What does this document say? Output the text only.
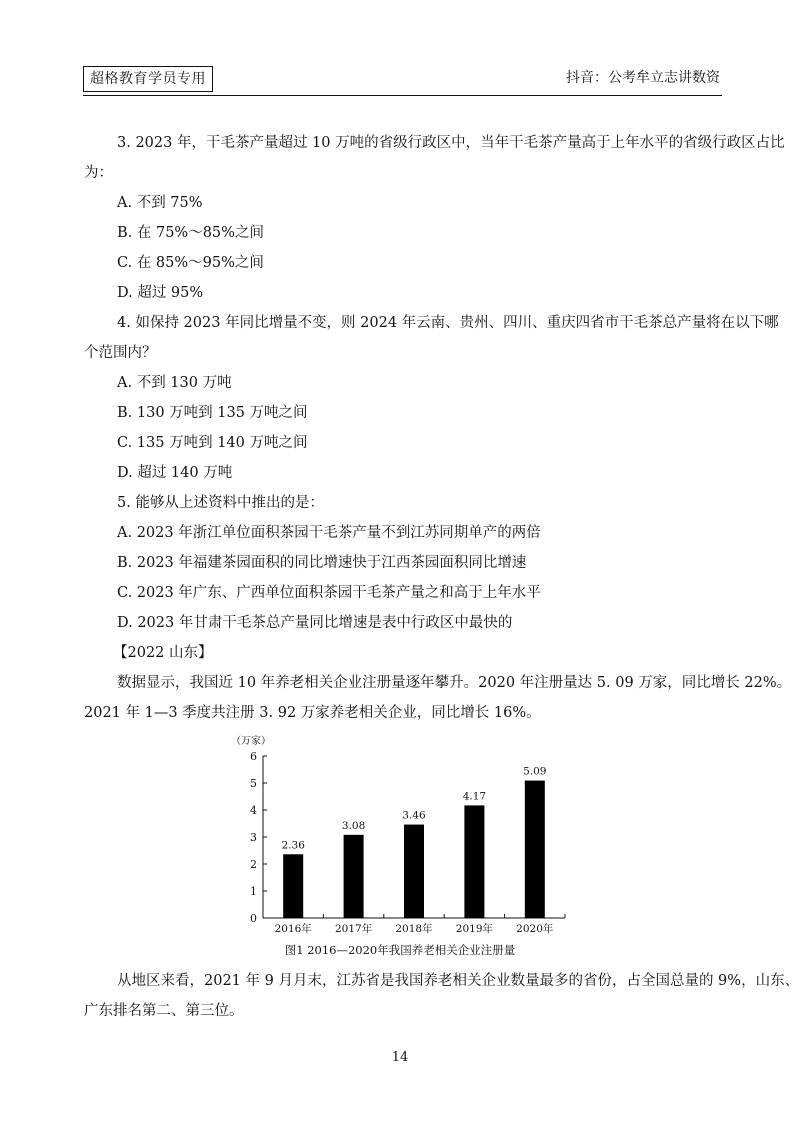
超格教育学员专用	抖音：公考牟立志讲数资
3. 2023 年，干毛茶产量超过 10 万吨的省级行政区中，当年干毛茶产量高于上年水平的省级行政区占比
为：
A. 不到 75%
B. 在 75%～85%之间
C. 在 85%～95%之间
D. 超过 95%
4. 如保持 2023 年同比增量不变，则 2024 年云南、贵州、四川、重庆四省市干毛茶总产量将在以下哪
个范围内？
A. 不到 130 万吨
B. 130 万吨到 135 万吨之间
C. 135 万吨到 140 万吨之间
D. 超过 140 万吨
5. 能够从上述资料中推出的是：
A. 2023 年浙江单位面积茶园干毛茶产量不到江苏同期单产的两倍
B. 2023 年福建茶园面积的同比增速快于江西茶园面积同比增速
C. 2023 年广东、广西单位面积茶园干毛茶产量之和高于上年水平
D. 2023 年甘肃干毛茶总产量同比增速是表中行政区中最快的
【2022 山东】
数据显示，我国近 10 年养老相关企业注册量逐年攀升。2020 年注册量达 5. 09 万家，同比增长 22%。
2021 年 1—3 季度共注册 3. 92 万家养老相关企业，同比增长 16%。
（万家）
0
1
2
3
4
5
6
2.36
2016年
3.08
2017年
3.46
2018年
4.17
2019年
5.09
2020年
图1 2016—2020年我国养老相关企业注册量
从地区来看，2021 年 9 月月末，江苏省是我国养老相关企业数量最多的省份，占全国总量的 9%，山东、
广东排名第二、第三位。
14
